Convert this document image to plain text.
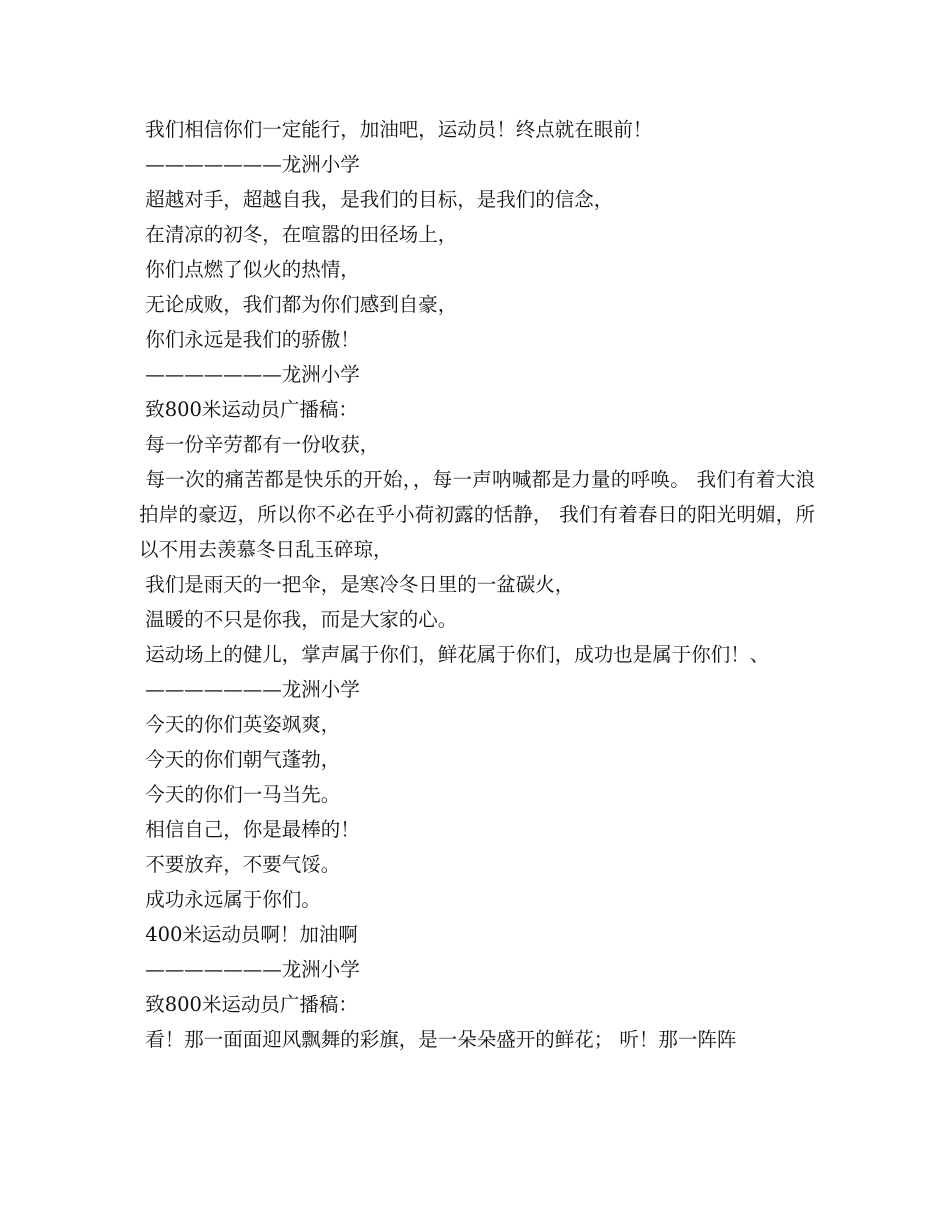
我们相信你们一定能行，加油吧，运动员！终点就在眼前！
———————龙洲小学
超越对手，超越自我，是我们的目标，是我们的信念，
在清凉的初冬，在喧嚣的田径场上，
你们点燃了似火的热情，
无论成败，我们都为你们感到自豪，
你们永远是我们的骄傲！
———————龙洲小学
致800米运动员广播稿：
每一份辛劳都有一份收获，
每一次的痛苦都是快乐的开始，，每一声呐喊都是力量的呼唤。 我们有着大浪拍岸的豪迈，所以你不必在乎小荷初露的恬静， 我们有着春日的阳光明媚，所以不用去羡慕冬日乱玉碎琼，
我们是雨天的一把伞，是寒冷冬日里的一盆碳火，
温暖的不只是你我，而是大家的心。
运动场上的健儿，掌声属于你们，鲜花属于你们，成功也是属于你们！、
———————龙洲小学
今天的你们英姿飒爽，
今天的你们朝气蓬勃，
今天的你们一马当先。
相信自己，你是最棒的！
不要放弃，不要气馁。
成功永远属于你们。
400米运动员啊！加油啊
———————龙洲小学
致800米运动员广播稿：
看！那一面面迎风飘舞的彩旗，是一朵朵盛开的鲜花； 听！那一阵阵
